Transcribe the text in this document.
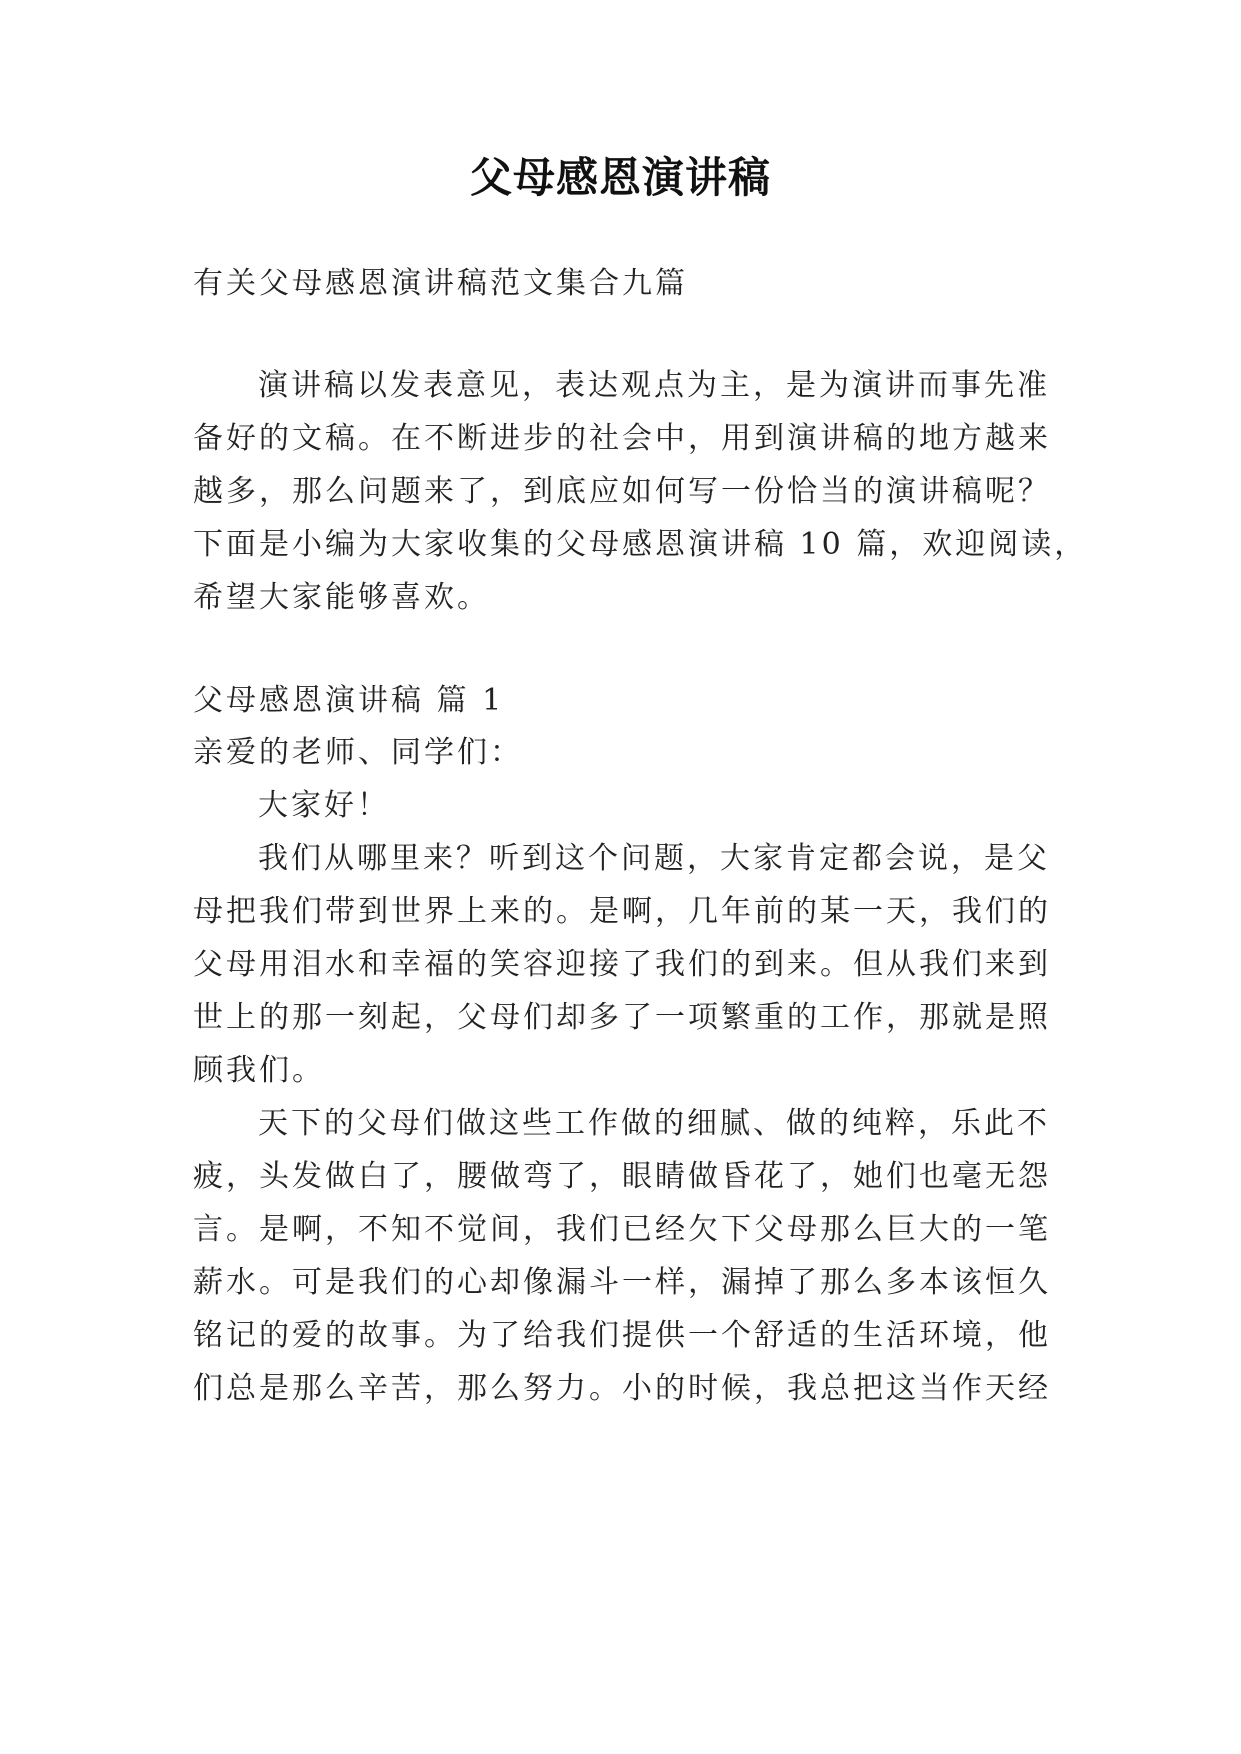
父母感恩演讲稿
有关父母感恩演讲稿范文集合九篇
演讲稿以发表意见，表达观点为主，是为演讲而事先准
备好的文稿。在不断进步的社会中，用到演讲稿的地方越来
越多，那么问题来了，到底应如何写一份恰当的演讲稿呢？
下面是小编为大家收集的父母感恩演讲稿 10 篇，欢迎阅读，
希望大家能够喜欢。
父母感恩演讲稿 篇 1
亲爱的老师、同学们：
大家好！
我们从哪里来？听到这个问题，大家肯定都会说，是父
母把我们带到世界上来的。是啊，几年前的某一天，我们的
父母用泪水和幸福的笑容迎接了我们的到来。但从我们来到
世上的那一刻起，父母们却多了一项繁重的工作，那就是照
顾我们。
天下的父母们做这些工作做的细腻、做的纯粹，乐此不
疲，头发做白了，腰做弯了，眼睛做昏花了，她们也毫无怨
言。是啊，不知不觉间，我们已经欠下父母那么巨大的一笔
薪水。可是我们的心却像漏斗一样，漏掉了那么多本该恒久
铭记的爱的故事。为了给我们提供一个舒适的生活环境，他
们总是那么辛苦，那么努力。小的时候，我总把这当作天经
